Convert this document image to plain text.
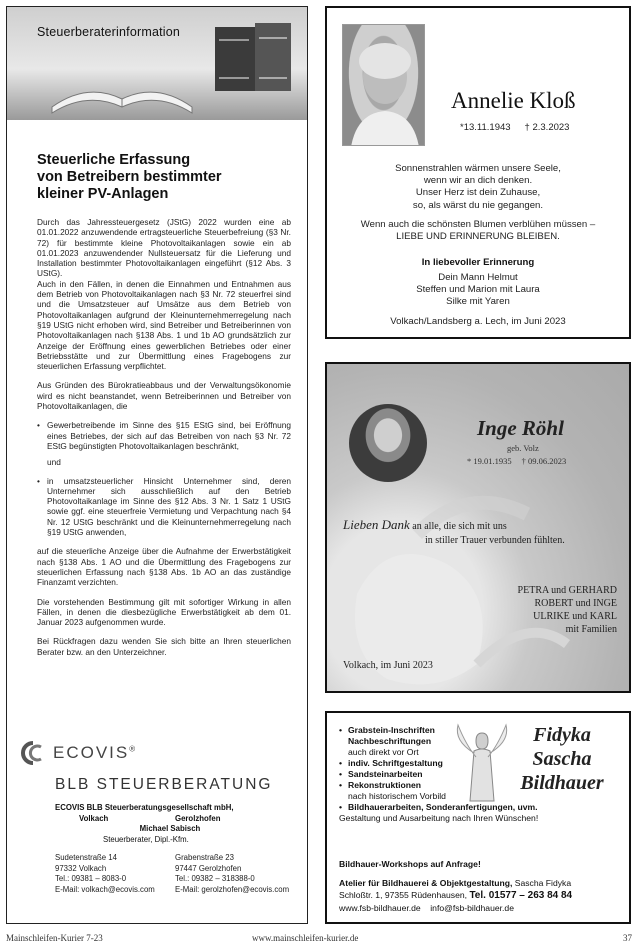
Steuerberaterinformation
Steuerliche Erfassung
von Betreibern bestimmter
kleiner PV-Anlagen

Durch das Jahressteuergesetz (JStG) 2022 wurden eine ab 01.01.2022 anzuwendende ertragsteuerliche Steuerbefreiung (§3 Nr. 72) für bestimmte kleine Photovoltaikanlagen sowie ein ab 01.01.2023 anzuwendender Nullsteuersatz für die Lieferung und Installation bestimmter Photovoltaikanlagen eingeführt (§12 Abs. 3 UStG).

Auch in den Fällen, in denen die Einnahmen und Entnahmen aus dem Betrieb von Photovoltaikanlagen nach §3 Nr. 72 steuerfrei sind und die Umsatzsteuer auf Umsätze aus dem Betrieb von Photovoltaikanlagen aufgrund der Kleinunternehmerregelung nach §19 UStG nicht erhoben wird, sind Betreiber und Betreiberinnen von Photovoltaikanlagen nach §138 Abs. 1 und 1b AO grundsätzlich zur Anzeige der Eröffnung eines gewerblichen Betriebes oder einer Betriebsstätte und zur Übermittlung eines Fragebogens zur steuerlichen Erfassung verpflichtet.

Aus Gründen des Bürokratieabbaus und der Verwaltungsökonomie wird es nicht beanstandet, wenn Betreiberinnen und Betreiber von Photovoltaikanlagen, die

• Gewerbetreibende im Sinne des §15 EStG sind, bei Eröffnung eines Betriebes, der sich auf das Betreiben von nach §3 Nr. 72 EStG begünstigten Photovoltaikanlagen beschränkt,
und
• in umsatzsteuerlicher Hinsicht Unternehmer sind, deren Unternehmer sich ausschließlich auf den Betrieb Photovoltaikanlage im Sinne des §12 Abs. 3 Nr. 1 Satz 1 UStG sowie ggf. eine steuerfreie Vermietung und Verpachtung nach §4 Nr. 12 UStG beschränkt und die Kleinunternehmerregelung nach §19 UStG anwenden,

auf die steuerliche Anzeige über die Aufnahme der Erwerbstätigkeit nach §138 Abs. 1 AO und die Übermittlung des Fragebogens zur steuerlichen Erfassung nach §138 Abs. 1b AO an das zuständige Finanzamt verzichten.

Die vorstehenden Bestimmung gilt mit sofortiger Wirkung in allen Fällen, in denen die diesbezügliche Erwerbstätigkeit ab dem 01. Januar 2023 aufgenommen wurde.

Bei Rückfragen dazu wenden Sie sich bitte an Ihren steuerlichen Berater bzw. an den Unterzeichner.

ECOVIS®
BLB STEUERBERATUNG
ECOVIS BLB Steuerberatungsgesellschaft mbH,
Volkach	Gerolzhofen
Michael Sabisch
Steuerberater, Dipl.-Kfm.
Sudetenstraße 14
97332 Volkach
Tel.: 09381 – 8083-0
E-Mail: volkach@ecovis.com
Grabenstraße 23
97447 Gerolzhofen
Tel.: 09382 – 318388-0
E-Mail: gerolzhofen@ecovis.com
Annelie Kloß
*13.11.1943 † 2.3.2023
Sonnenstrahlen wärmen unsere Seele,
wenn wir an dich denken.
Unser Herz ist dein Zuhause,
so, als wärst du nie gegangen.
Wenn auch die schönsten Blumen verblühen müssen –
LIEBE UND ERINNERUNG BLEIBEN.
In liebevoller Erinnerung
Dein Mann Helmut
Steffen und Marion mit Laura
Silke mit Yaren
Volkach/Landsberg a. Lech, im Juni 2023
Inge Röhl
geb. Volz
* 19.01.1935 † 09.06.2023
Lieben Dank an alle, die sich mit uns
in stiller Trauer verbunden fühlten.
PETRA und GERHARD
ROBERT und INGE
ULRIKE und KARL
mit Familien
Volkach, im Juni 2023
• Grabstein-Inschriften
Nachbeschriftungen
auch direkt vor Ort
• indiv. Schriftgestaltung
• Sandsteinarbeiten
• Rekonstruktionen
nach historischem Vorbild
• Bildhauerarbeiten, Sonderanfertigungen, uvm.
Gestaltung und Ausarbeitung nach Ihren Wünschen!
Fidyka
Sascha
Bildhauer
Bildhauer-Workshops auf Anfrage!
Atelier für Bildhauerei & Objektgestaltung, Sascha Fidyka
Schloßtr. 1, 97355 Rüdenhausen, Tel. 01577 – 263 84 84
www.fsb-bildhauer.de info@fsb-bildhauer.de
Mainschleifen-Kurier 7-23	www.mainschleifen-kurier.de	37
